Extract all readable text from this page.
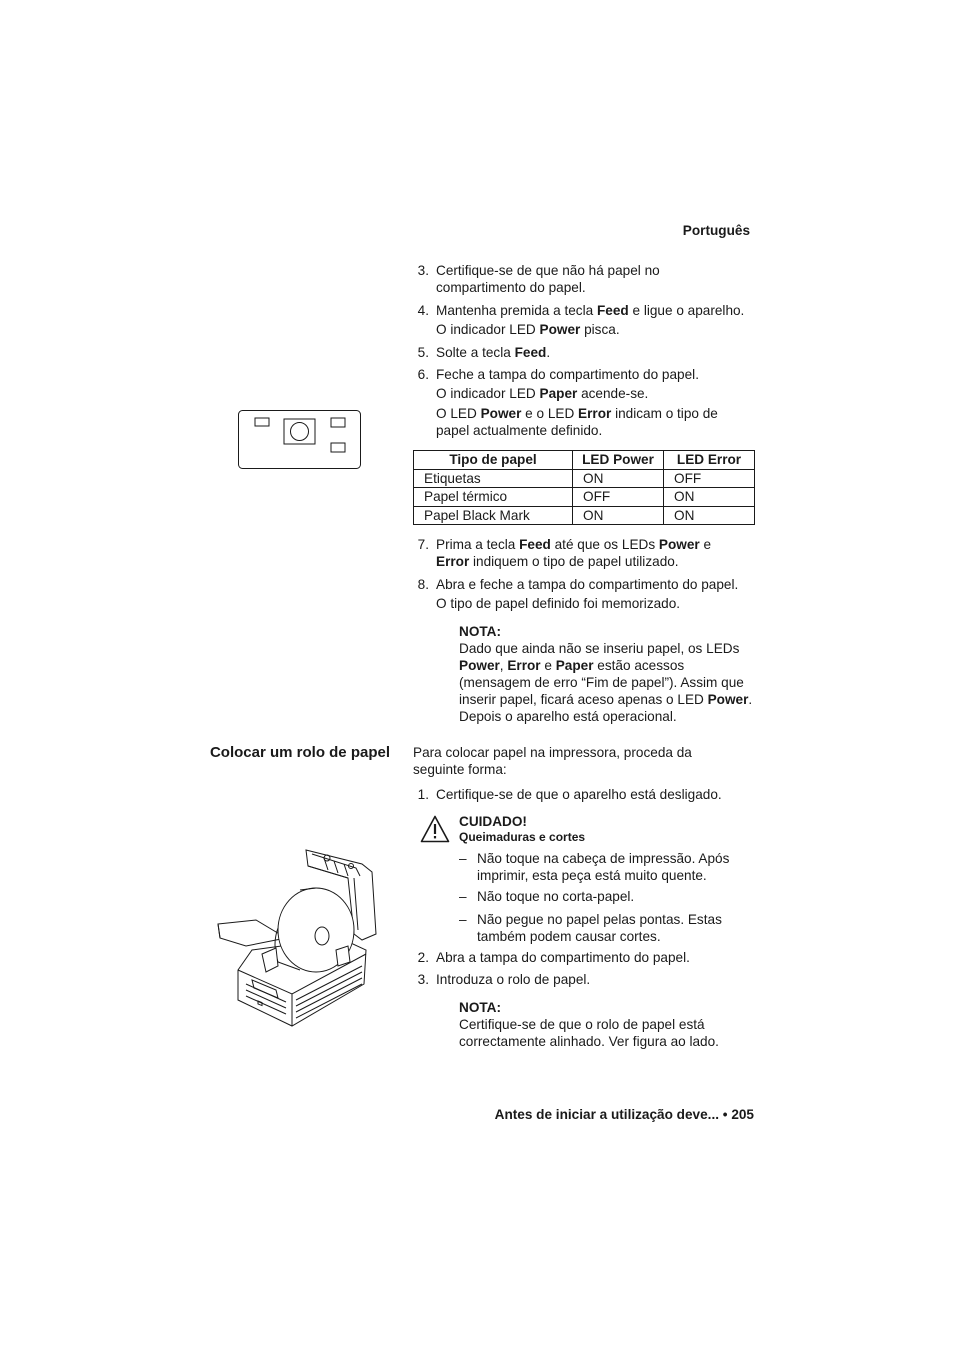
Português
3. Certifique-se de que não há papel no compartimento do papel.
4. Mantenha premida a tecla Feed e ligue o aparelho.

O indicador LED Power pisca.

5. Solte a tecla Feed.

6. Feche a tampa do compartimento do papel.

O indicador LED Paper acende-se.

O LED Power e o LED Error indicam o tipo de papel actualmente definido.

Tipo de papel	LED Power	LED Error
Etiquetas	ON	OFF
Papel térmico	OFF	ON
Papel Black Mark	ON	ON
7. Prima a tecla Feed até que os LEDs Power e Error indiquem o tipo de papel utilizado.

8. Abra e feche a tampa do compartimento do papel.

O tipo de papel definido foi memorizado.

NOTA:

Dado que ainda não se inseriu papel, os LEDs Power, Error e Paper estão acessos (mensagem de erro “Fim de papel”). Assim que inserir papel, ficará aceso apenas o LED Power. Depois o aparelho está operacional.

Colocar um rolo de papel Para colocar papel na impressora, proceda da seguinte forma:
1. Certifique-se de que o aparelho está desligado.
CUIDADO!
Queimaduras e cortes
– Não toque na cabeça de impressão. Após imprimir, esta peça está muito quente.
– Não toque no corta-papel.
– Não pegue no papel pelas pontas. Estas também podem causar cortes.
2. Abra a tampa do compartimento do papel.
3. Introduza o rolo de papel.

NOTA:

Certifique-se de que o rolo de papel está correctamente alinhado. Ver figura ao lado.

Antes de iniciar a utilização deve... • 205
